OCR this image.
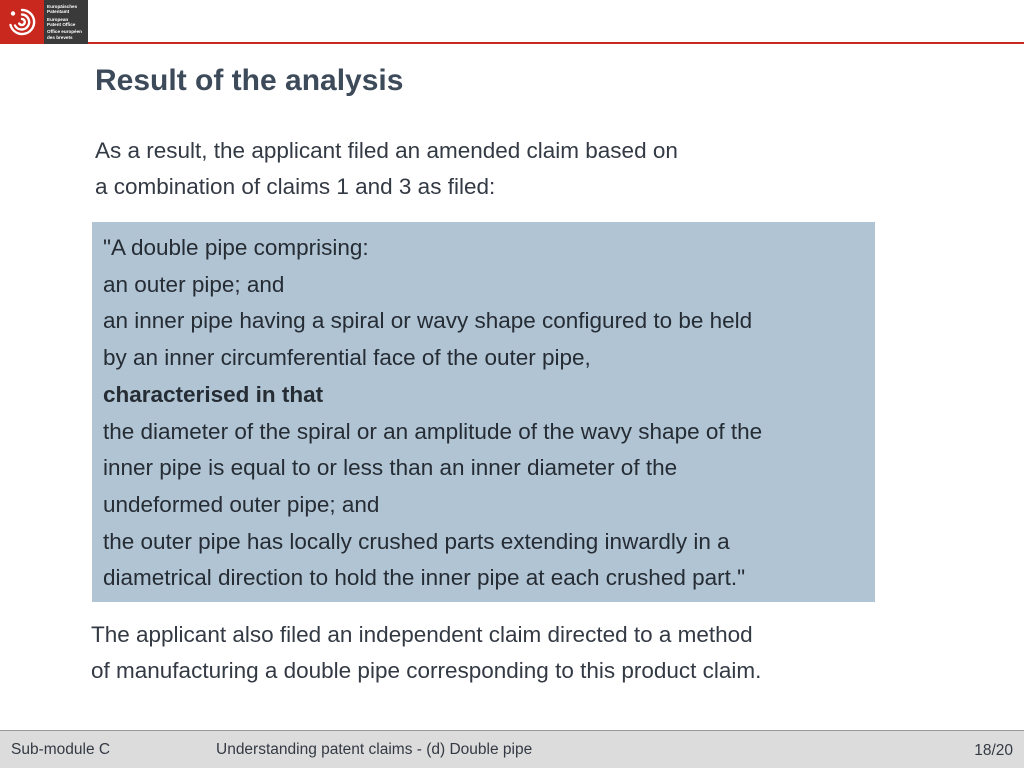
Europäisches
Patentamt
European
Patent Office
Office européen
des brevets
Result of the analysis

As a result, the applicant filed an amended claim based on
a combination of claims 1 and 3 as filed:

"A double pipe comprising:
an outer pipe; and
an inner pipe having a spiral or wavy shape configured to be held
by an inner circumferential face of the outer pipe,
characterised in that
the diameter of the spiral or an amplitude of the wavy shape of the
inner pipe is equal to or less than an inner diameter of the
undeformed outer pipe; and
the outer pipe has locally crushed parts extending inwardly in a
diametrical direction to hold the inner pipe at each crushed part."

The applicant also filed an independent claim directed to a method
of manufacturing a double pipe corresponding to this product claim.

Sub-module C	Understanding patent claims - (d) Double pipe	18/20
